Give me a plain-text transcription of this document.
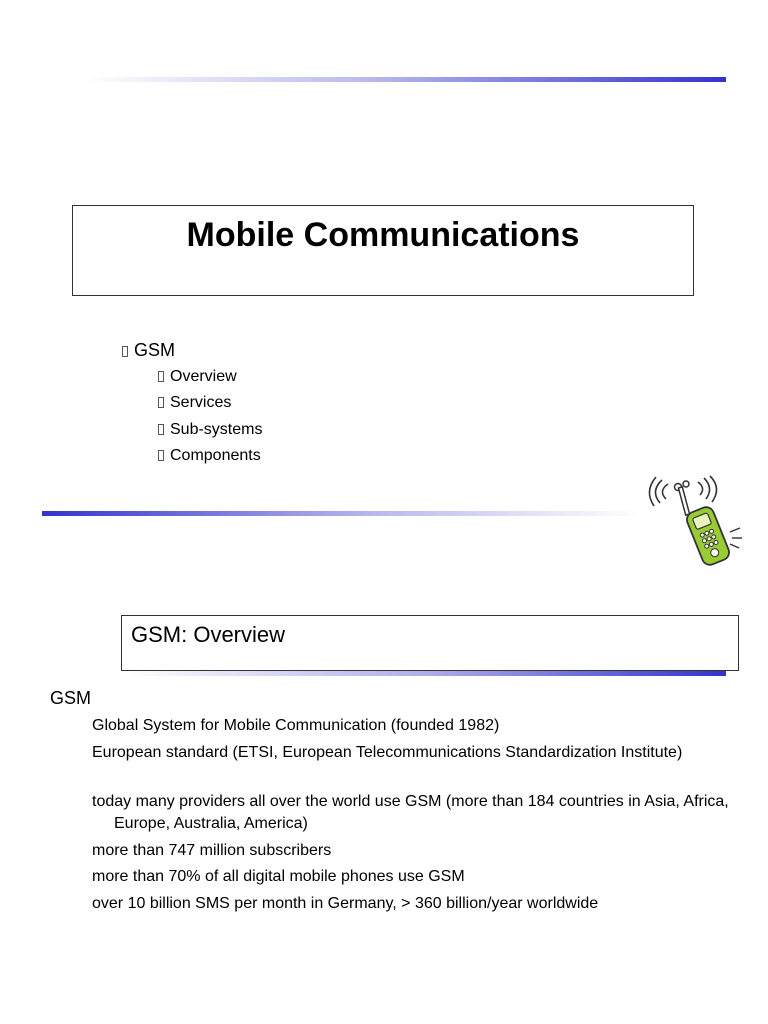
Mobile Communications
GSM
Overview
Services
Sub-systems
Components
GSM: Overview
GSM
Global System for Mobile Communication (founded 1982)
European standard (ETSI, European Telecommunications Standardization Institute)
today many providers all over the world use GSM (more than 184 countries in Asia, Africa, Europe, Australia, America)
more than 747 million subscribers
more than 70% of all digital mobile phones use GSM
over 10 billion SMS per month in Germany, > 360 billion/year worldwide
